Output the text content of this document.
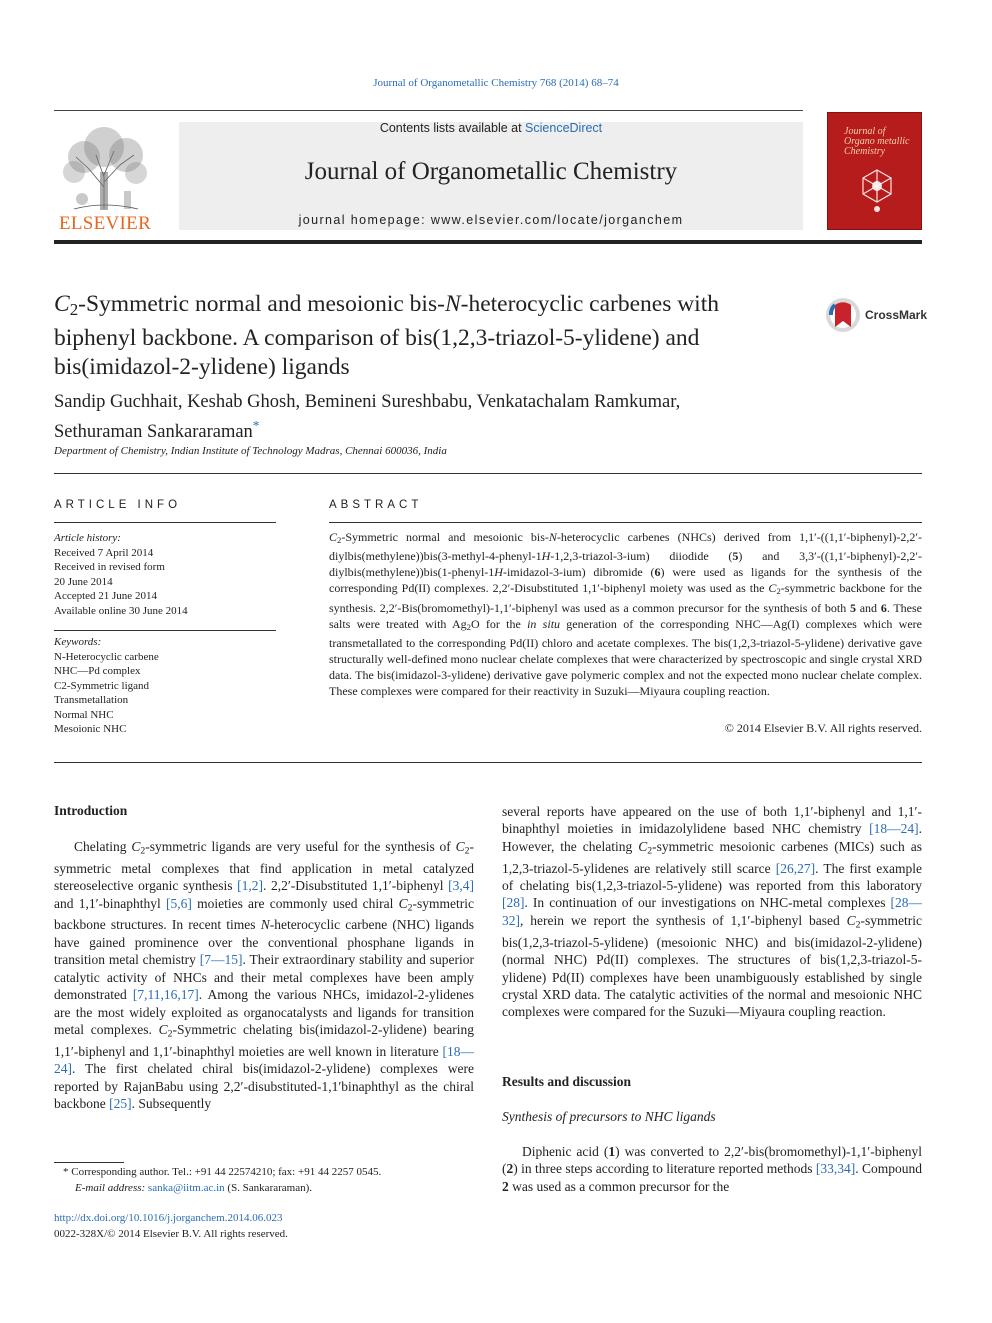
Journal of Organometallic Chemistry 768 (2014) 68–74
ELSEVIER
Contents lists available at ScienceDirect
Journal of Organometallic Chemistry
journal homepage: www.elsevier.com/locate/jorganchem
Journal of Organo metallic Chemistry
$C_2$-Symmetric normal and mesoionic bis-N-heterocyclic carbenes with biphenyl backbone. A comparison of bis(1,2,3-triazol-5-ylidene) and bis(imidazol-2-ylidene) ligands
CrossMark
Sandip Guchhait, Keshab Ghosh, Bemineni Sureshbabu, Venkatachalam Ramkumar,
Sethuraman Sankararaman*
Department of Chemistry, Indian Institute of Technology Madras, Chennai 600036, India
ARTICLE INFO
Article history:
Received 7 April 2014
Received in revised form
20 June 2014
Accepted 21 June 2014
Available online 30 June 2014
Keywords:
N-Heterocyclic carbene
NHC—Pd complex
C2-Symmetric ligand
Transmetallation
Normal NHC
Mesoionic NHC
ABSTRACT
$C_2$-Symmetric normal and mesoionic bis-N-heterocyclic carbenes (NHCs) derived from 1,1′-((1,1′-biphenyl)-2,2′-diylbis(methylene))bis(3-methyl-4-phenyl-1H-1,2,3-triazol-3-ium) diiodide (5) and 3,3′-((1,1′-biphenyl)-2,2′-diylbis(methylene))bis(1-phenyl-1H-imidazol-3-ium) dibromide (6) were used as ligands for the synthesis of the corresponding Pd(II) complexes. 2,2′-Disubstituted 1,1′-biphenyl moiety was used as the $C_2$-symmetric backbone for the synthesis. 2,2′-Bis(bromomethyl)-1,1′-biphenyl was used as a common precursor for the synthesis of both 5 and 6. These salts were treated with $Ag_2O$ for the in situ generation of the corresponding NHC—Ag(I) complexes which were transmetallated to the corresponding Pd(II) chloro and acetate complexes. The bis(1,2,3-triazol-5-ylidene) derivative gave structurally well-defined mono nuclear chelate complexes that were characterized by spectroscopic and single crystal XRD data. The bis(imidazol-3-ylidene) derivative gave polymeric complex and not the expected mono nuclear chelate complex. These complexes were compared for their reactivity in Suzuki—Miyaura coupling reaction.
© 2014 Elsevier B.V. All rights reserved.
Introduction
Chelating $C_2$-symmetric ligands are very useful for the synthesis of $C_2$-symmetric metal complexes that find application in metal catalyzed stereoselective organic synthesis [1,2]. 2,2′-Disubstituted 1,1′-biphenyl [3,4] and 1,1′-binaphthyl [5,6] moieties are commonly used chiral $C_2$-symmetric backbone structures. In recent times N-heterocyclic carbene (NHC) ligands have gained prominence over the conventional phosphane ligands in transition metal chemistry [7—15]. Their extraordinary stability and superior catalytic activity of NHCs and their metal complexes have been amply demonstrated [7,11,16,17]. Among the various NHCs, imidazol-2-ylidenes are the most widely exploited as organocatalysts and ligands for transition metal complexes. $C_2$-Symmetric chelating bis(imidazol-2-ylidene) bearing 1,1′-biphenyl and 1,1′-binaphthyl moieties are well known in literature [18—24]. The first chelated chiral bis(imidazol-2-ylidene) complexes were reported by RajanBabu using 2,2′-disubstituted-1,1′binaphthyl as the chiral backbone [25]. Subsequently
* Corresponding author. Tel.: +91 44 22574210; fax: +91 44 2257 0545.
E-mail address: sanka@iitm.ac.in (S. Sankararaman).
http://dx.doi.org/10.1016/j.jorganchem.2014.06.023
0022-328X/© 2014 Elsevier B.V. All rights reserved.
several reports have appeared on the use of both 1,1′-biphenyl and 1,1′-binaphthyl moieties in imidazolylidene based NHC chemistry [18—24]. However, the chelating $C_2$-symmetric mesoionic carbenes (MICs) such as 1,2,3-triazol-5-ylidenes are relatively still scarce [26,27]. The first example of chelating bis(1,2,3-triazol-5-ylidene) was reported from this laboratory [28]. In continuation of our investigations on NHC-metal complexes [28—32], herein we report the synthesis of 1,1′-biphenyl based $C_2$-symmetric bis(1,2,3-triazol-5-ylidene) (mesoionic NHC) and bis(imidazol-2-ylidene) (normal NHC) Pd(II) complexes. The structures of bis(1,2,3-triazol-5-ylidene) Pd(II) complexes have been unambiguously established by single crystal XRD data. The catalytic activities of the normal and mesoionic NHC complexes were compared for the Suzuki—Miyaura coupling reaction.
Results and discussion
Synthesis of precursors to NHC ligands
Diphenic acid (1) was converted to 2,2′-bis(bromomethyl)-1,1′-biphenyl (2) in three steps according to literature reported methods [33,34]. Compound 2 was used as a common precursor for the
